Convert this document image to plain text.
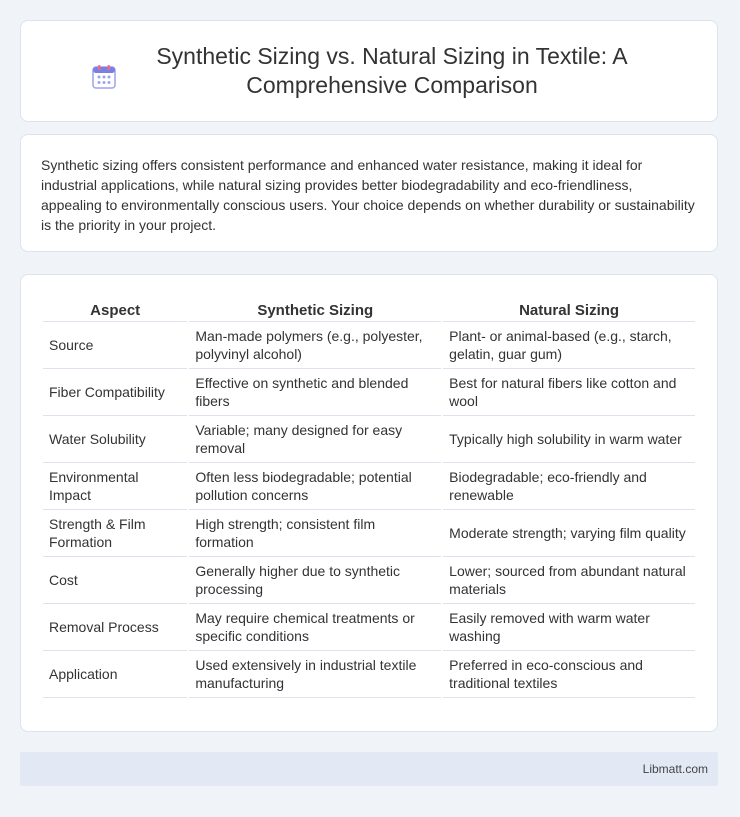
Synthetic Sizing vs. Natural Sizing in Textile: A Comprehensive Comparison

Synthetic sizing offers consistent performance and enhanced water resistance, making it ideal for industrial applications, while natural sizing provides better biodegradability and eco-friendliness, appealing to environmentally conscious users. Your choice depends on whether durability or sustainability is the priority in your project.

Aspect	Synthetic Sizing	Natural Sizing
Source	Man-made polymers (e.g., polyester, polyvinyl alcohol)	Plant- or animal-based (e.g., starch, gelatin, guar gum)
Fiber Compatibility	Effective on synthetic and blended fibers	Best for natural fibers like cotton and wool
Water Solubility	Variable; many designed for easy removal	Typically high solubility in warm water
Environmental Impact	Often less biodegradable; potential pollution concerns	Biodegradable; eco-friendly and renewable
Strength & Film Formation	High strength; consistent film formation	Moderate strength; varying film quality
Cost	Generally higher due to synthetic processing	Lower; sourced from abundant natural materials
Removal Process	May require chemical treatments or specific conditions	Easily removed with warm water washing
Application	Used extensively in industrial textile manufacturing	Preferred in eco-conscious and traditional textiles
Libmatt.com
